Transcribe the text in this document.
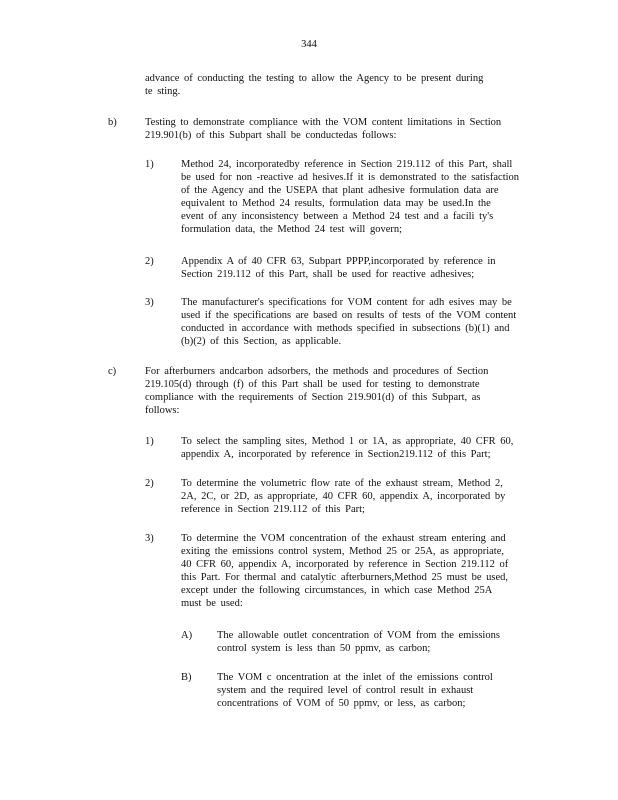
344
advance of conducting the testing to allow the Agency to be present during
te sting.
b)	Testing to demonstrate compliance with the VOM content limitations in Section
219.901(b) of this Subpart shall be conductedas follows:
1)	Method 24, incorporatedby reference in Section 219.112 of this Part, shall
be used for non -reactive ad hesives.If it is demonstrated to the satisfaction
of the Agency and the USEPA that plant adhesive formulation data are
equivalent to Method 24 results, formulation data may be used.In the
event of any inconsistency between a Method 24 test and a facili ty's
formulation data, the Method 24 test will govern;
2)	Appendix A of 40 CFR 63, Subpart PPPP,incorporated by reference in
Section 219.112 of this Part, shall be used for reactive adhesives;
3)	The manufacturer's specifications for VOM content for adh esives may be
used if the specifications are based on results of tests of the VOM content
conducted in accordance with methods specified in subsections (b)(1) and
(b)(2) of this Section, as applicable.
c)	For afterburners andcarbon adsorbers, the methods and procedures of Section
219.105(d) through (f) of this Part shall be used for testing to demonstrate
compliance with the requirements of Section 219.901(d) of this Subpart, as
follows:
1)	To select the sampling sites, Method 1 or 1A, as appropriate, 40 CFR 60,
appendix A, incorporated by reference in Section219.112 of this Part;
2)	To determine the volumetric flow rate of the exhaust stream, Method 2,
2A, 2C, or 2D, as appropriate, 40 CFR 60, appendix A, incorporated by
reference in Section 219.112 of this Part;
3)	To determine the VOM concentration of the exhaust stream entering and
exiting the emissions control system, Method 25 or 25A, as appropriate,
40 CFR 60, appendix A, incorporated by reference in Section 219.112 of
this Part. For thermal and catalytic afterburners,Method 25 must be used,
except under the following circumstances, in which case Method 25A
must be used:
A) The allowable outlet concentration of VOM from the emissions
control system is less than 50 ppmv, as carbon;
B) The VOM c oncentration at the inlet of the emissions control
system and the required level of control result in exhaust
concentrations of VOM of 50 ppmv, or less, as carbon;
